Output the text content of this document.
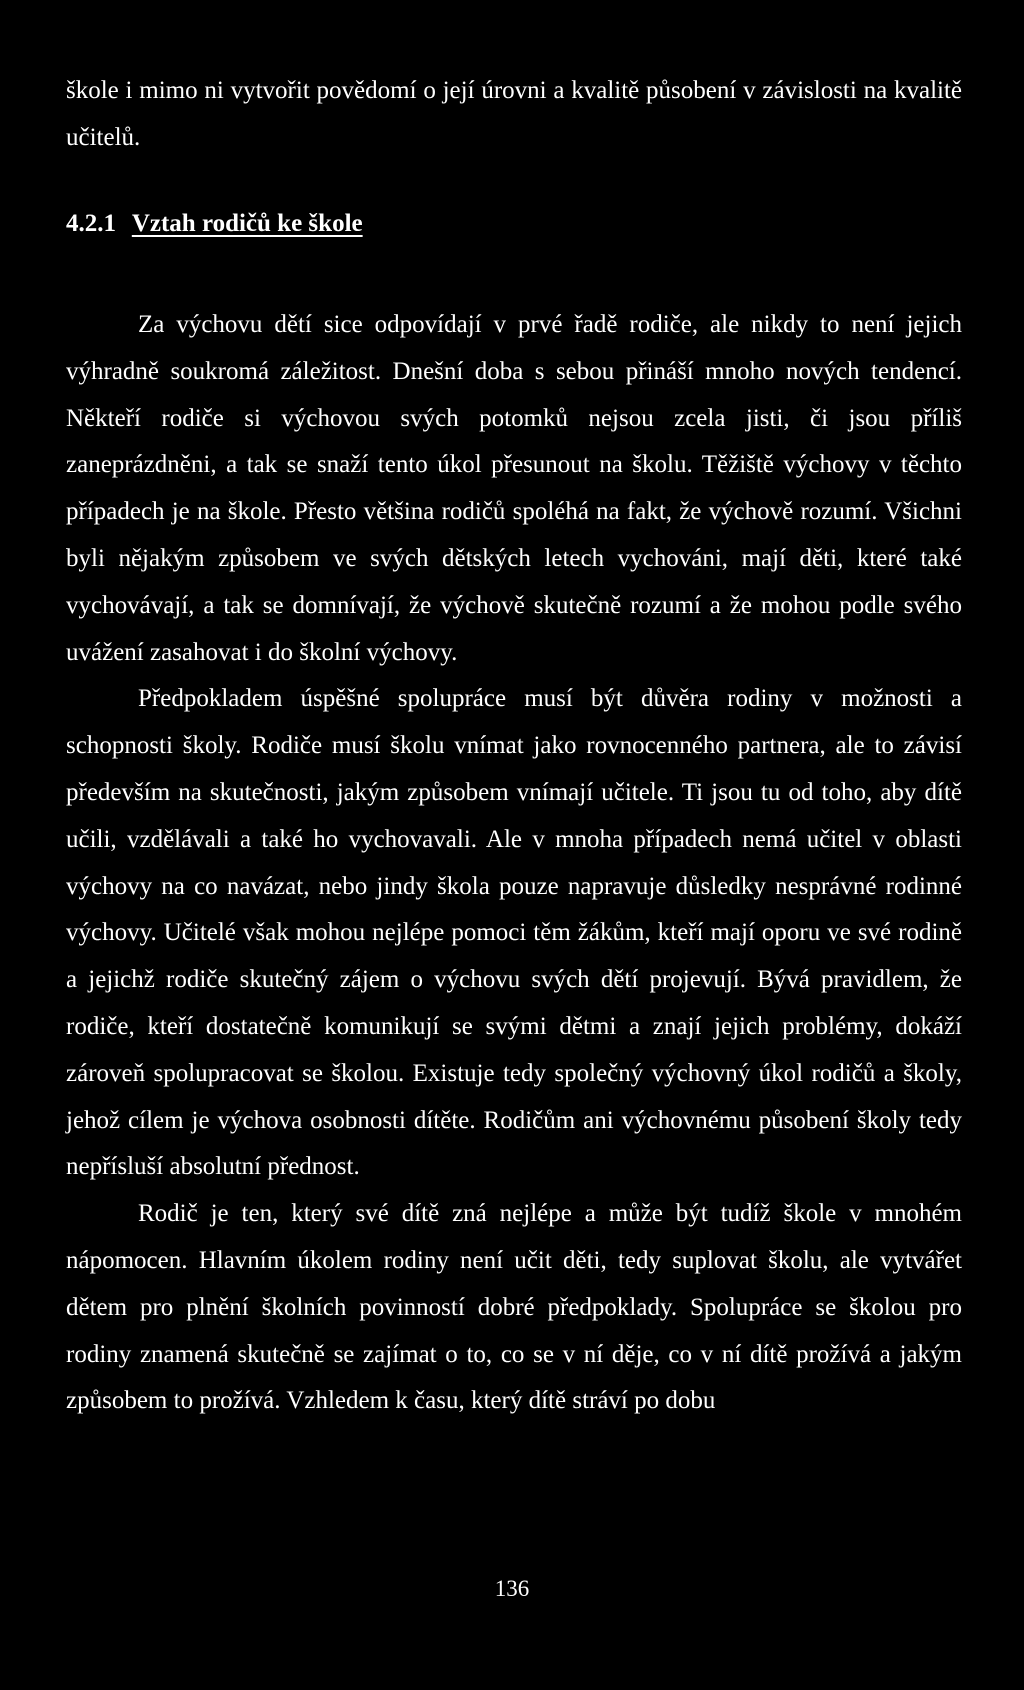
škole i mimo ni vytvořit povědomí o její úrovni a kvalitě působení v závislosti na kvalitě učitelů.

4.2.1 Vztah rodičů ke škole

Za výchovu dětí sice odpovídají v prvé řadě rodiče, ale nikdy to není jejich výhradně soukromá záležitost. Dnešní doba s sebou přináší mnoho nových tendencí. Někteří rodiče si výchovou svých potomků nejsou zcela jisti, či jsou příliš zaneprázdněni, a tak se snaží tento úkol přesunout na školu. Těžiště výchovy v těchto případech je na škole. Přesto většina rodičů spoléhá na fakt, že výchově rozumí. Všichni byli nějakým způsobem ve svých dětských letech vychováni, mají děti, které také vychovávají, a tak se domnívají, že výchově skutečně rozumí a že mohou podle svého uvážení zasahovat i do školní výchovy.

Předpokladem úspěšné spolupráce musí být důvěra rodiny v možnosti a schopnosti školy. Rodiče musí školu vnímat jako rovnocenného partnera, ale to závisí především na skutečnosti, jakým způsobem vnímají učitele. Ti jsou tu od toho, aby dítě učili, vzdělávali a také ho vychovavali. Ale v mnoha případech nemá učitel v oblasti výchovy na co navázat, nebo jindy škola pouze napravuje důsledky nesprávné rodinné výchovy. Učitelé však mohou nejlépe pomoci těm žákům, kteří mají oporu ve své rodině a jejichž rodiče skutečný zájem o výchovu svých dětí projevují. Bývá pravidlem, že rodiče, kteří dostatečně komunikují se svými dětmi a znají jejich problémy, dokáží zároveň spolupracovat se školou. Existuje tedy společný výchovný úkol rodičů a školy, jehož cílem je výchova osobnosti dítěte. Rodičům ani výchovnému působení školy tedy nepřísluší absolutní přednost.

Rodič je ten, který své dítě zná nejlépe a může být tudíž škole v mnohém nápomocen. Hlavním úkolem rodiny není učit děti, tedy suplovat školu, ale vytvářet dětem pro plnění školních povinností dobré předpoklady. Spolupráce se školou pro rodiny znamená skutečně se zajímat o to, co se v ní děje, co v ní dítě prožívá a jakým způsobem to prožívá. Vzhledem k času, který dítě stráví po dobu

136
